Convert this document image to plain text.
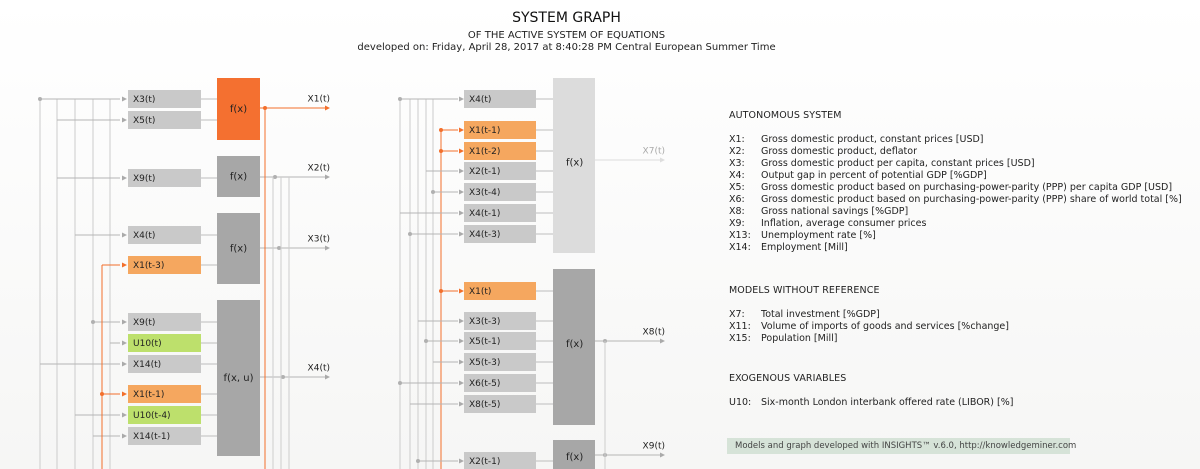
SYSTEM GRAPH
OF THE ACTIVE SYSTEM OF EQUATIONS
developed on: Friday, April 28, 2017 at 8:40:28 PM Central European Summer Time
X3(t)
X5(t)
f(x)
X1(t)
X9(t)	f(x)
X2(t)
X4(t)
X1(t-3)
f(x)
X3(t)
X9(t)
U10(t)
X14(t)
X1(t-1)
U10(t-4)
X14(t-1)
f(x, u)
X4(t)
X4(t)
X1(t-1)
X1(t-2)
X2(t-1)
X3(t-4)
X4(t-1)
X4(t-3)
f(x)
X7(t)
X1(t)
X3(t-3)
X5(t-1)
X5(t-3)
X6(t-5)
X8(t-5)
f(x)
X8(t)
X2(t-1)	f(x)
X9(t)
AUTONOMOUS SYSTEM
X1:	Gross domestic product, constant prices [USD]
X2:	Gross domestic product, deflator
X3:	Gross domestic product per capita, constant prices [USD]
X4:	Output gap in percent of potential GDP [%GDP]
X5:	Gross domestic product based on purchasing-power-parity (PPP) per capita GDP [USD]
X6:	Gross domestic product based on purchasing-power-parity (PPP) share of world total [%]
X8:	Gross national savings [%GDP]
X9:	Inflation, average consumer prices
X13:	Unemployment rate [%]
X14:	Employment [Mill]
MODELS WITHOUT REFERENCE
X7:	Total investment [%GDP]
X11:	Volume of imports of goods and services [%change]
X15:	Population [Mill]
EXOGENOUS VARIABLES
U10:	Six-month London interbank offered rate (LIBOR) [%]
Models and graph developed with INSIGHTS™ v.6.0, http://knowledgeminer.com
